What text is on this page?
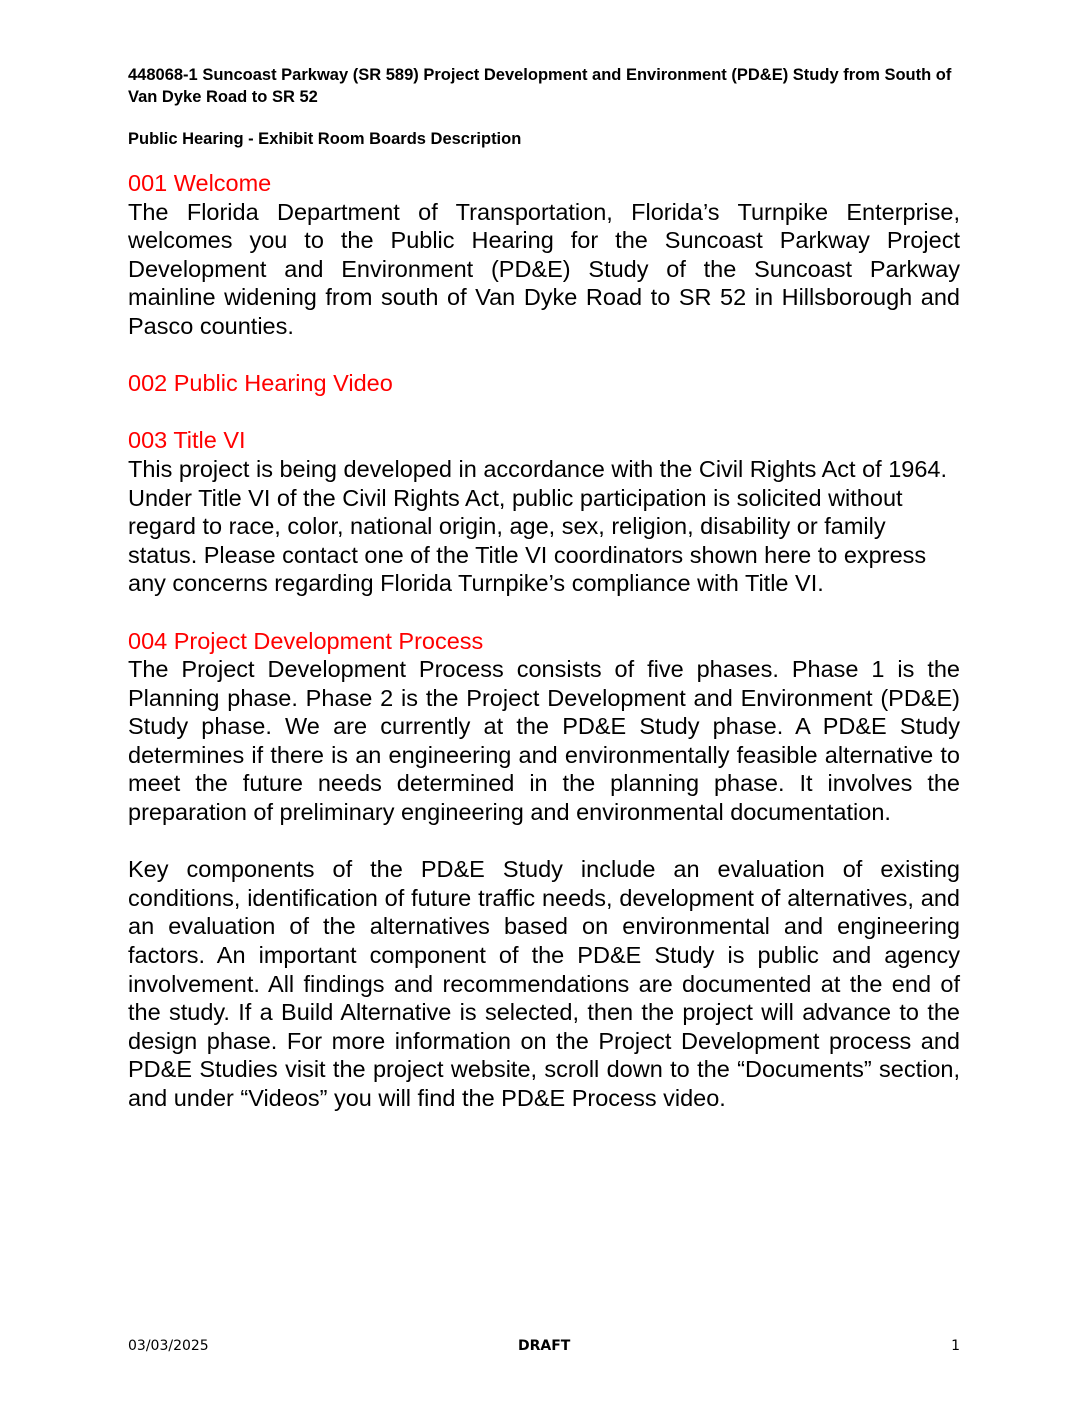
448068-1 Suncoast Parkway (SR 589) Project Development and Environment (PD&E) Study from South of Van Dyke Road to SR 52

Public Hearing - Exhibit Room Boards Description

001 Welcome

The Florida Department of Transportation, Florida’s Turnpike Enterprise, welcomes you to the Public Hearing for the Suncoast Parkway Project Development and Environment (PD&E) Study of the Suncoast Parkway mainline widening from south of Van Dyke Road to SR 52 in Hillsborough and Pasco counties.

002 Public Hearing Video

003 Title VI

This project is being developed in accordance with the Civil Rights Act of 1964. Under Title VI of the Civil Rights Act, public participation is solicited without regard to race, color, national origin, age, sex, religion, disability or family status. Please contact one of the Title VI coordinators shown here to express any concerns regarding Florida Turnpike’s compliance with Title VI.

004 Project Development Process

The Project Development Process consists of five phases. Phase 1 is the Planning phase. Phase 2 is the Project Development and Environment (PD&E) Study phase. We are currently at the PD&E Study phase. A PD&E Study determines if there is an engineering and environmentally feasible alternative to meet the future needs determined in the planning phase. It involves the preparation of preliminary engineering and environmental documentation.

Key components of the PD&E Study include an evaluation of existing conditions, identification of future traffic needs, development of alternatives, and an evaluation of the alternatives based on environmental and engineering factors. An important component of the PD&E Study is public and agency involvement. All findings and recommendations are documented at the end of the study. If a Build Alternative is selected, then the project will advance to the design phase. For more information on the Project Development process and PD&E Studies visit the project website, scroll down to the “Documents” section, and under “Videos” you will find the PD&E Process video.

03/03/2025	DRAFT	1
